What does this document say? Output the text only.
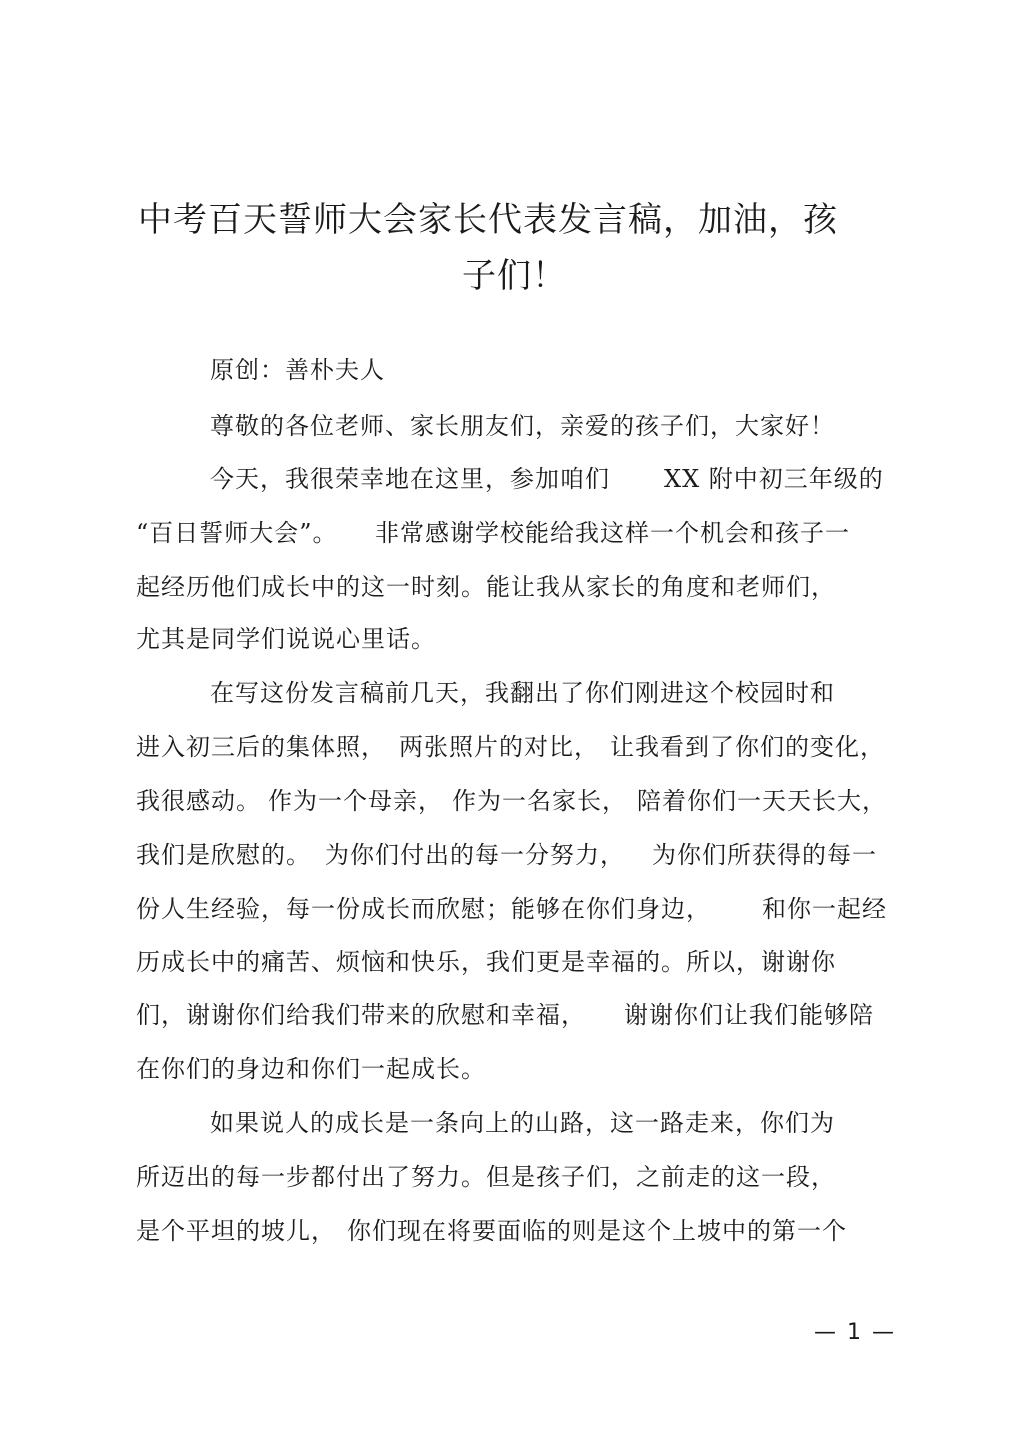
中考百天誓师大会家长代表发言稿，加油，孩
子们！
原创：善朴夫人
尊敬的各位老师、家长朋友们，亲爱的孩子们，大家好！
今天，我很荣幸地在这里，参加咱们 XX 附中初三年级的
“百日誓师大会”。 非常感谢学校能给我这样一个机会和孩子一
起经历他们成长中的这一时刻。能让我从家长的角度和老师们，
尤其是同学们说说心里话。
在写这份发言稿前几天，我翻出了你们刚进这个校园时和
进入初三后的集体照， 两张照片的对比， 让我看到了你们的变化，
我很感动。 作为一个母亲， 作为一名家长， 陪着你们一天天长大，
我们是欣慰的。 为你们付出的每一分努力， 为你们所获得的每一
份人生经验，每一份成长而欣慰；能够在你们身边， 和你一起经
历成长中的痛苦、烦恼和快乐，我们更是幸福的。所以，谢谢你
们，谢谢你们给我们带来的欣慰和幸福， 谢谢你们让我们能够陪
在你们的身边和你们一起成长。
如果说人的成长是一条向上的山路，这一路走来，你们为
所迈出的每一步都付出了努力。但是孩子们，之前走的这一段，
是个平坦的坡儿， 你们现在将要面临的则是这个上坡中的第一个
— 1 —
